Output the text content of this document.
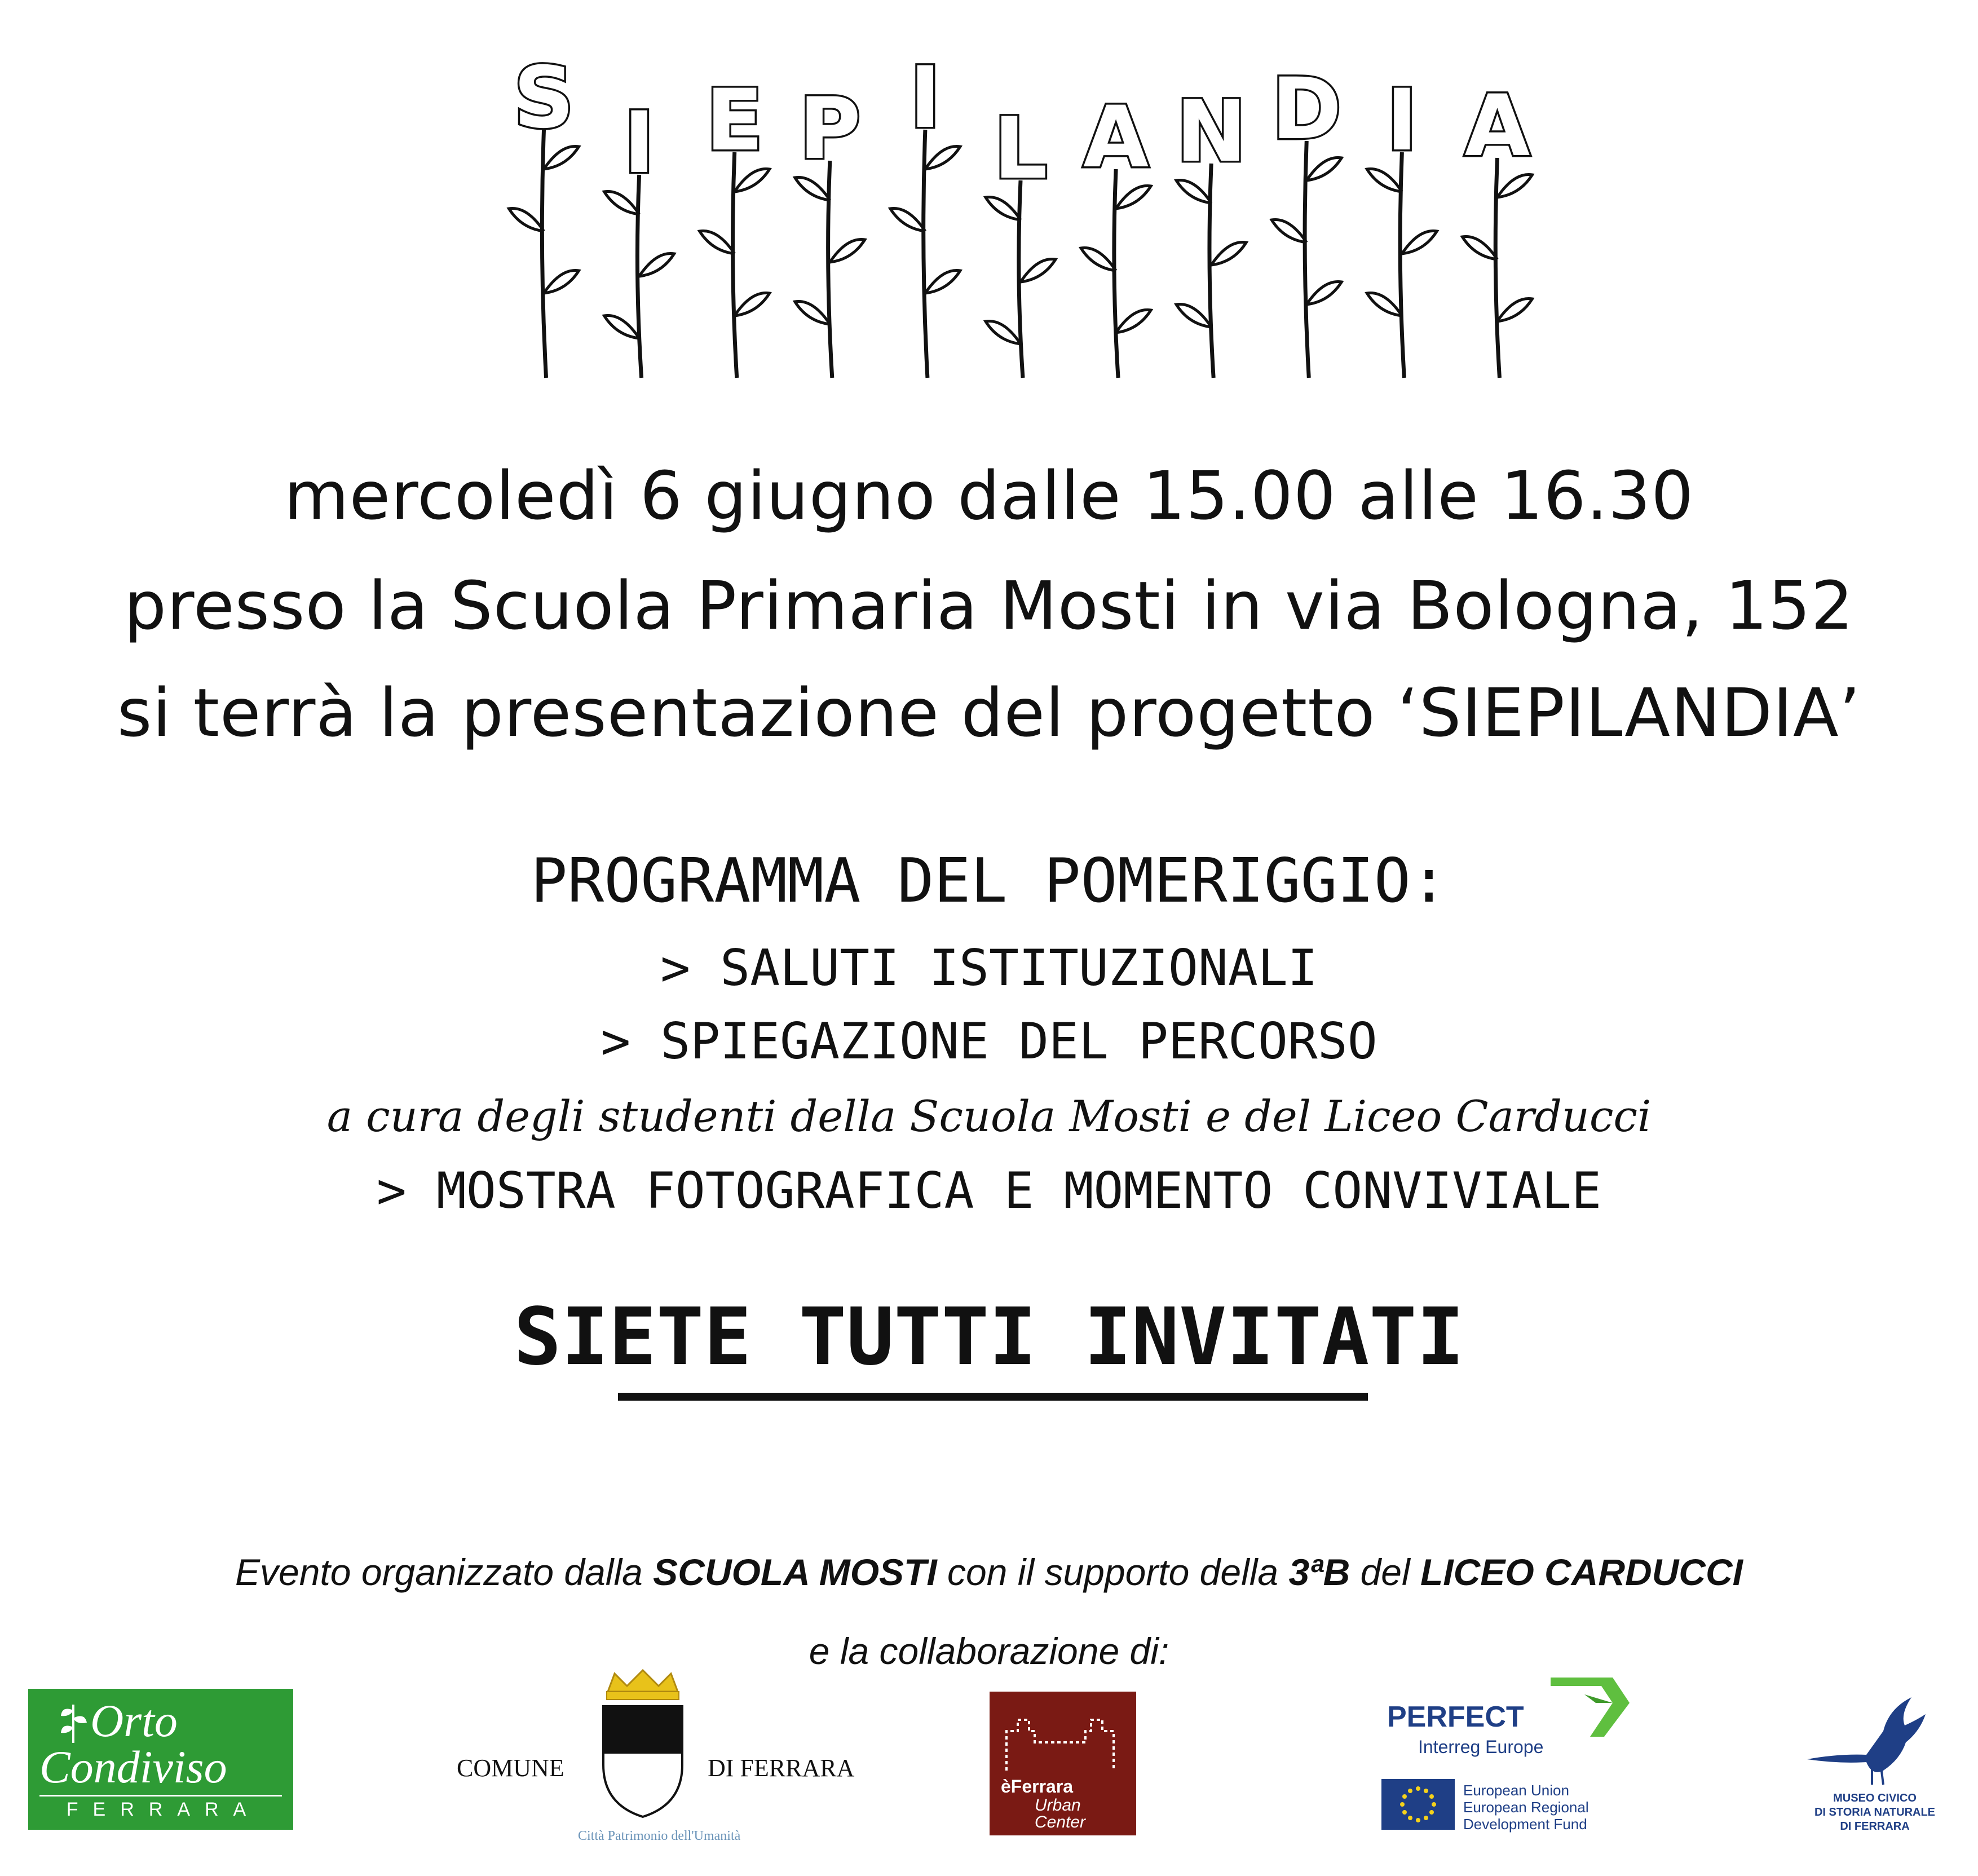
S I E P I
L A N D I A
mercoledì 6 giugno dalle 15.00 alle 16.30
presso la Scuola Primaria Mosti in via Bologna, 152
si terrà la presentazione del progetto ‘SIEPILANDIA’
PROGRAMMA DEL POMERIGGIO:
> SALUTI ISTITUZIONALI
> SPIEGAZIONE DEL PERCORSO
a cura degli studenti della Scuola Mosti e del Liceo Carducci
> MOSTRA FOTOGRAFICA E MOMENTO CONVIVIALE
SIETE TUTTI INVITATI
Evento organizzato dalla SCUOLA MOSTI con il supporto della 3ªB del LICEO CARDUCCI
e la collaborazione di:
Orto
Condiviso
FERRARA
COMUNE	DI FERRARA
Città Patrimonio dell'Umanità
èFerrara
Urban
Center
PERFECT
Interreg Europe
European Union
European Regional
Development Fund
MUSEO CIVICO
DI STORIA NATURALE
DI FERRARA
